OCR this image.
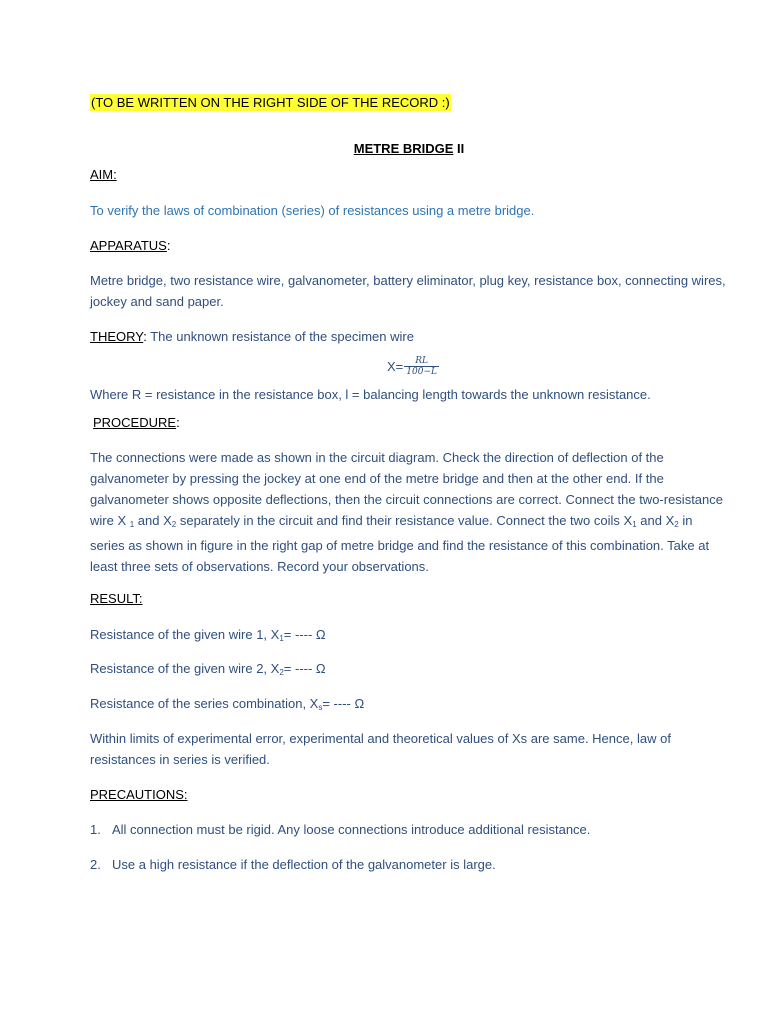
(TO BE WRITTEN ON THE RIGHT SIDE OF THE RECORD :)
METRE BRIDGE II
AIM:
To verify the laws of combination (series) of resistances using a metre bridge.
APPARATUS:
Metre bridge, two resistance wire, galvanometer, battery eliminator, plug key, resistance box, connecting wires, jockey and sand paper.
THEORY: The unknown resistance of the specimen wire
$X= \frac{RL}{100-L}$
Where R = resistance in the resistance box, l = balancing length towards the unknown resistance.
PROCEDURE:
The connections were made as shown in the circuit diagram. Check the direction of deflection of the galvanometer by pressing the jockey at one end of the metre bridge and then at the other end. If the galvanometer shows opposite deflections, then the circuit connections are correct. Connect the two-resistance wire X $_1$ and $X_2$ separately in the circuit and find their resistance value. Connect the two coils $X_1$ and $X_2$ in series as shown in figure in the right gap of metre bridge and find the resistance of this combination. Take at least three sets of observations. Record your observations.
RESULT:
Resistance of the given wire 1, $X_1=$ ---- Ω
Resistance of the given wire 2, $X_2=$ ---- Ω
Resistance of the series combination, $X_s=$ ---- Ω
Within limits of experimental error, experimental and theoretical values of Xs are same. Hence, law of resistances in series is verified.
PRECAUTIONS:
1. All connection must be rigid. Any loose connections introduce additional resistance.
2. Use a high resistance if the deflection of the galvanometer is large.
